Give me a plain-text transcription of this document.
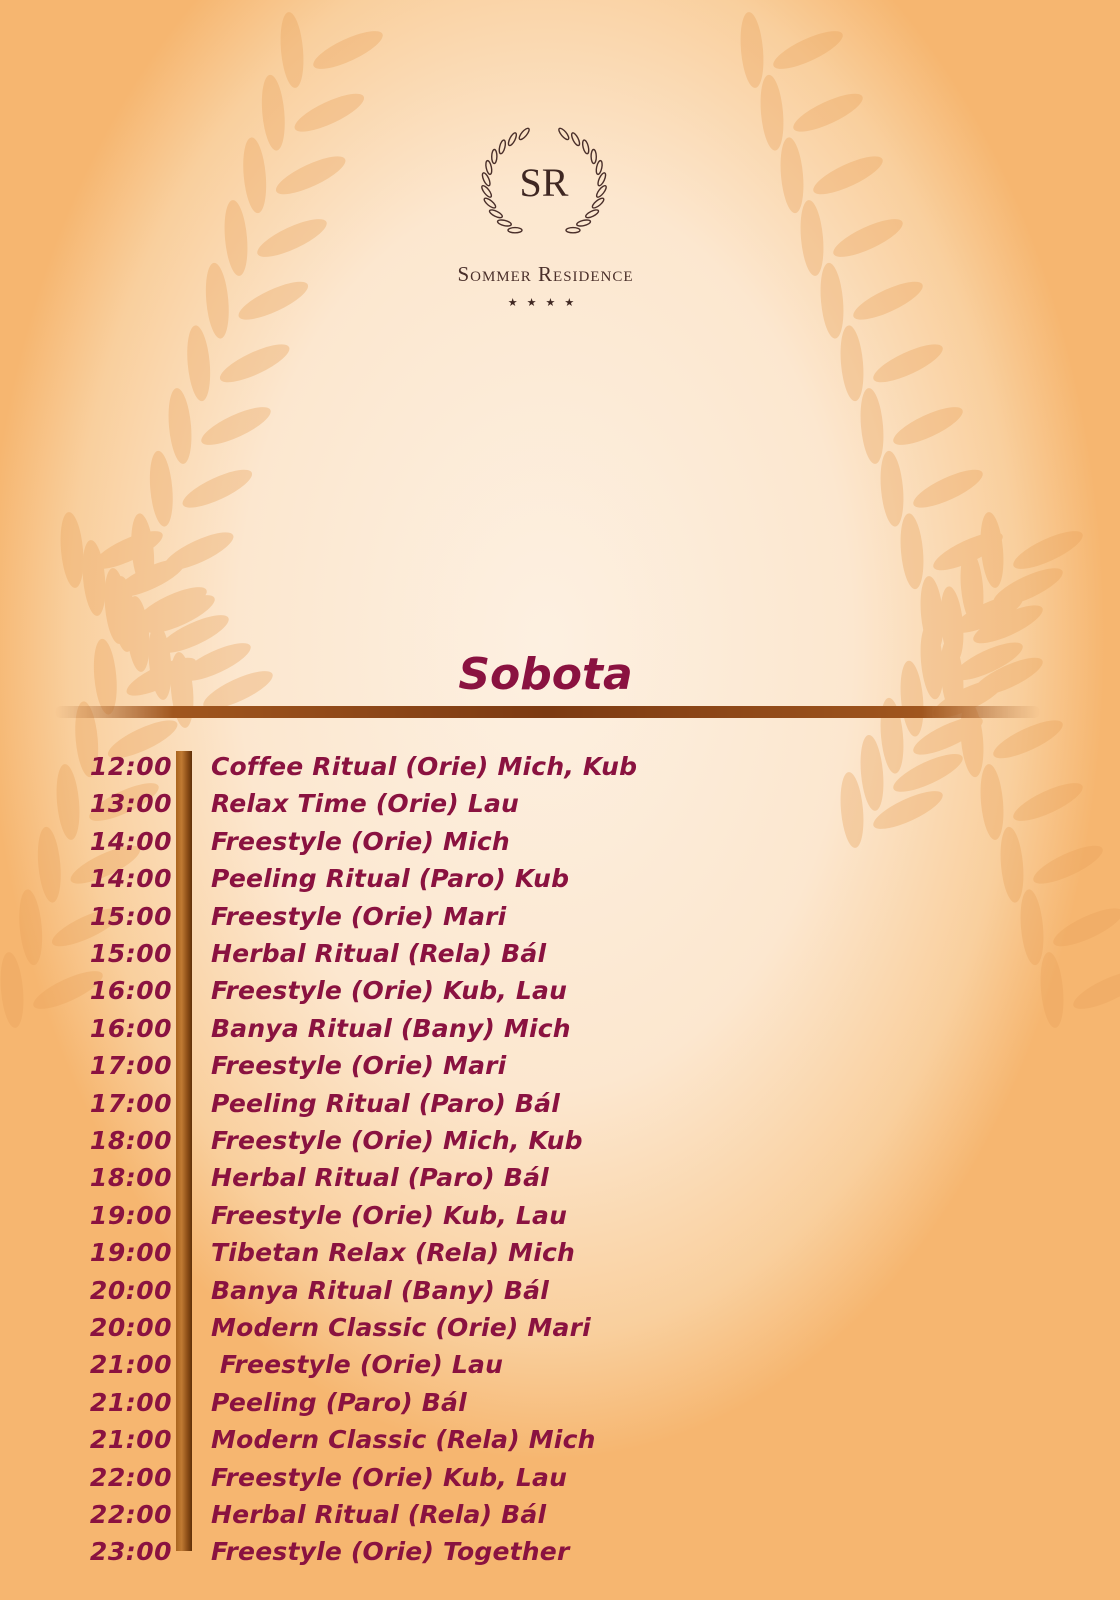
SR
Sommer Residence
★★★★
Sobota
12:00 Coffee Ritual (Orie) Mich, Kub
13:00 Relax Time (Orie) Lau
14:00 Freestyle (Orie) Mich
14:00 Peeling Ritual (Paro) Kub
15:00 Freestyle (Orie) Mari
15:00 Herbal Ritual (Rela) Bál
16:00 Freestyle (Orie) Kub, Lau
16:00 Banya Ritual (Bany) Mich
17:00 Freestyle (Orie) Mari
17:00 Peeling Ritual (Paro) Bál
18:00 Freestyle (Orie) Mich, Kub
18:00 Herbal Ritual (Paro) Bál
19:00 Freestyle (Orie) Kub, Lau
19:00 Tibetan Relax (Rela) Mich
20:00 Banya Ritual (Bany) Bál
20:00 Modern Classic (Orie) Mari
21:00 Freestyle (Orie) Lau
21:00 Peeling (Paro) Bál
21:00 Modern Classic (Rela) Mich
22:00 Freestyle (Orie) Kub, Lau
22:00 Herbal Ritual (Rela) Bál
23:00 Freestyle (Orie) Together
